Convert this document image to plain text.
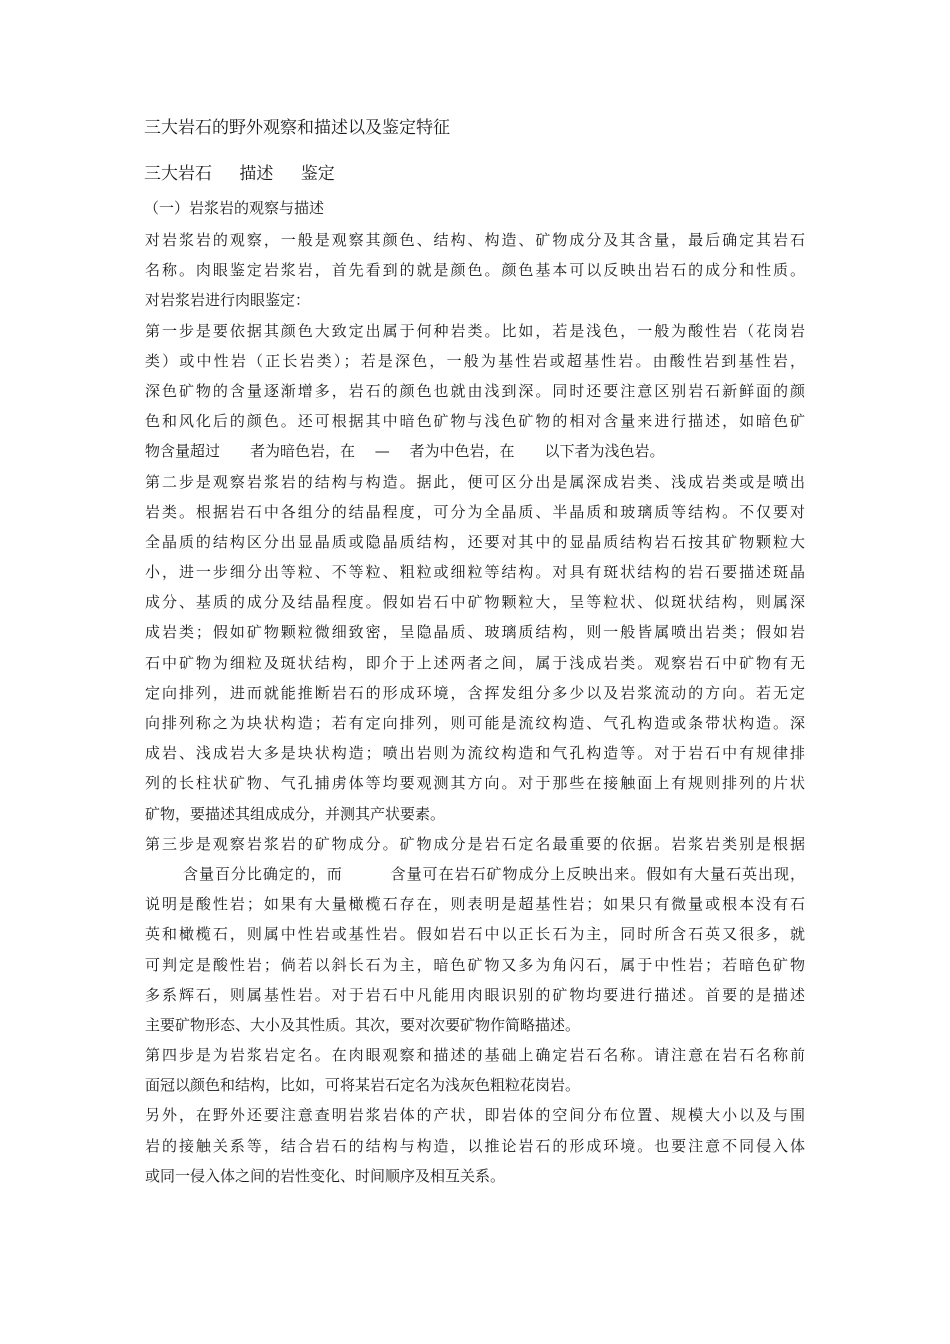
三大岩石的野外观察和描述以及鉴定特征
三大岩石 描述 鉴定
（一）岩浆岩的观察与描述
对岩浆岩的观察，一般是观察其颜色、结构、构造、矿物成分及其含量，最后确定其岩石
名称。肉眼鉴定岩浆岩，首先看到的就是颜色。颜色基本可以反映出岩石的成分和性质。
对岩浆岩进行肉眼鉴定：
第一步是要依据其颜色大致定出属于何种岩类。比如，若是浅色，一般为酸性岩（花岗岩
类）或中性岩（正长岩类）；若是深色，一般为基性岩或超基性岩。由酸性岩到基性岩，
深色矿物的含量逐渐增多，岩石的颜色也就由浅到深。同时还要注意区别岩石新鲜面的颜
色和风化后的颜色。还可根据其中暗色矿物与浅色矿物的相对含量来进行描述，如暗色矿
物含量超过　　者为暗色岩，在　 —　 者为中色岩，在　　以下者为浅色岩。
第二步是观察岩浆岩的结构与构造。据此，便可区分出是属深成岩类、浅成岩类或是喷出
岩类。根据岩石中各组分的结晶程度，可分为全晶质、半晶质和玻璃质等结构。不仅要对
全晶质的结构区分出显晶质或隐晶质结构，还要对其中的显晶质结构岩石按其矿物颗粒大
小，进一步细分出等粒、不等粒、粗粒或细粒等结构。对具有斑状结构的岩石要描述斑晶
成分、基质的成分及结晶程度。假如岩石中矿物颗粒大，呈等粒状、似斑状结构，则属深
成岩类；假如矿物颗粒微细致密，呈隐晶质、玻璃质结构，则一般皆属喷出岩类；假如岩
石中矿物为细粒及斑状结构，即介于上述两者之间，属于浅成岩类。观察岩石中矿物有无
定向排列，进而就能推断岩石的形成环境，含挥发组分多少以及岩浆流动的方向。若无定
向排列称之为块状构造；若有定向排列，则可能是流纹构造、气孔构造或条带状构造。深
成岩、浅成岩大多是块状构造；喷出岩则为流纹构造和气孔构造等。对于岩石中有规律排
列的长柱状矿物、气孔捕虏体等均要观测其方向。对于那些在接触面上有规则排列的片状
矿物，要描述其组成成分，并测其产状要素。
第三步是观察岩浆岩的矿物成分。矿物成分是岩石定名最重要的依据。岩浆岩类别是根据
含量百分比确定的，而　　　含量可在岩石矿物成分上反映出来。假如有大量石英出现，
说明是酸性岩；如果有大量橄榄石存在，则表明是超基性岩；如果只有微量或根本没有石
英和橄榄石，则属中性岩或基性岩。假如岩石中以正长石为主，同时所含石英又很多，就
可判定是酸性岩；倘若以斜长石为主，暗色矿物又多为角闪石，属于中性岩；若暗色矿物
多系辉石，则属基性岩。对于岩石中凡能用肉眼识别的矿物均要进行描述。首要的是描述
主要矿物形态、大小及其性质。其次，要对次要矿物作简略描述。
第四步是为岩浆岩定名。在肉眼观察和描述的基础上确定岩石名称。请注意在岩石名称前
面冠以颜色和结构，比如，可将某岩石定名为浅灰色粗粒花岗岩。
另外，在野外还要注意查明岩浆岩体的产状，即岩体的空间分布位置、规模大小以及与围
岩的接触关系等，结合岩石的结构与构造，以推论岩石的形成环境。也要注意不同侵入体
或同一侵入体之间的岩性变化、时间顺序及相互关系。
